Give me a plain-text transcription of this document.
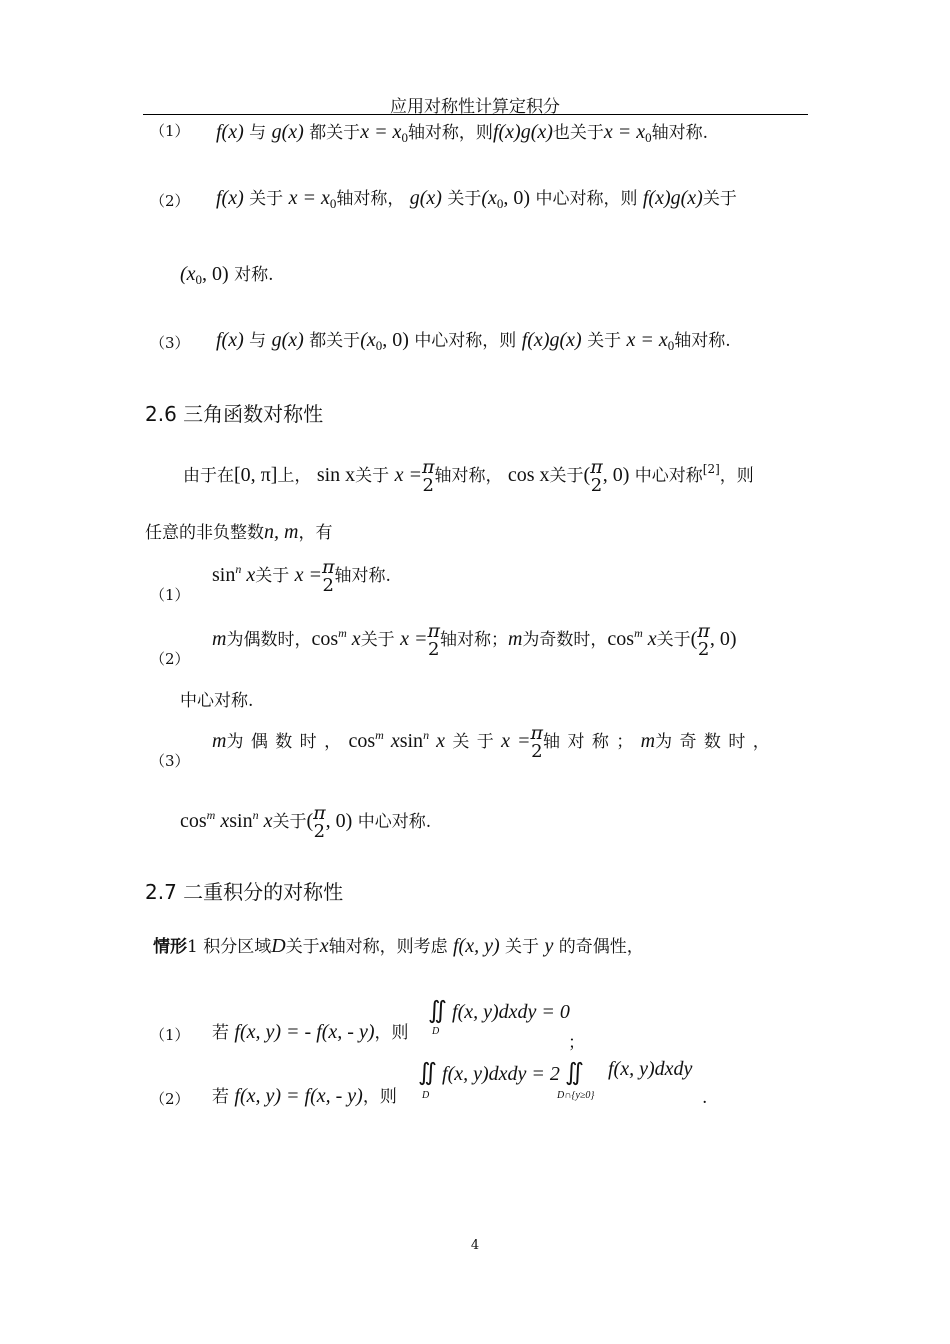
应用对称性计算定积分
（1） f(x) 与 g(x) 都关于$x = x_0$轴对称，则f(x)g(x)也关于$x = x_0$轴对称.
（2） f(x) 关于 $x = x_0$轴对称， g(x) 关于($x_0$, 0) 中心对称，则 f(x)g(x)关于
($x_0$, 0) 对称.
（3） f(x) 与 g(x) 都关于($x_0$, 0) 中心对称，则 f(x)g(x) 关于 $x = x_0$轴对称.
2.6 三角函数对称性
由于在[0, π]上， sin x关于 x = π
2 轴对称， cos x关于( π
2 , 0) 中心对称[2]，则
任意的非负整数n, m，有
（1）
$\sin^n x$关于 x = π
2 轴对称.
（2）
m为偶数时，$\cos^m x$关于 x = π
2 轴对称；m为奇数时，$\cos^m x$关于( π
2 , 0)
中心对称.
（3）
m为 偶 数 时 ， $\cos^m xsin^n$ x 关 于 x = π
2 轴 对 称 ； m为 奇 数 时 ，
$\cos^m xsin^n$ x关于( π
2 , 0) 中心对称.
2.7 二重积分的对称性
情形1 积分区域D关于x轴对称，则考虑 f(x, y) 关于 y 的奇偶性，
（1） 若 f(x, y) = - f(x, - y)，则
∬ f(x, y)dxdy = 0
D
；
（2） 若 f(x, y) = f(x, - y)，则
∬ f(x, y)dxdy = 2 ∬
D	D∩{y≥0}
f(x, y)dxdy
.
4
